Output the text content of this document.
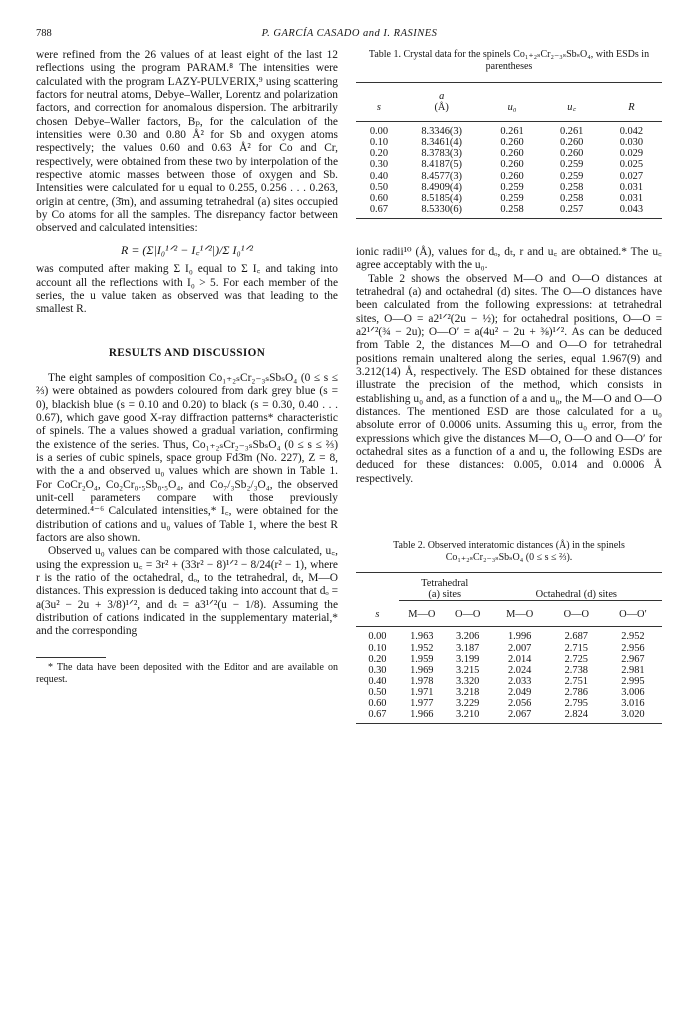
788	P. GARCÍA CASADO and I. RASINES

were refined from the 26 values of at least eight of the last 12 reflections using the program PARAM.⁸ The intensities were calculated with the program LAZY-PULVERIX,⁹ using scattering factors for neutral atoms, Debye–Waller, Lorentz and polarization factors, and correction for anomalous dispersion. The arbitrarily chosen Debye–Waller factors, Bₚ, for the calculation of the intensities were 0.30 and 0.80 Å² for Sb and oxygen atoms respectively; the values 0.60 and 0.63 Å² for Co and Cr, respectively, were obtained from these two by interpolation of the respective atomic masses between those of oxygen and Sb. Intensities were calculated for u equal to 0.255, 0.256 . . . 0.263, origin at centre, (3̄m), and assuming tetrahedral (a) sites occupied by Co atoms for all the samples. The disrepancy factor between observed and calculated intensities:

R = (Σ|I₀¹ᐟ² − I꜀¹ᐟ²|)/Σ I₀¹ᐟ²

was computed after making Σ I₀ equal to Σ I꜀ and taking into account all the reflections with I₀ > 5. For each member of the series, the u value taken as observed was that leading to the smallest R.

RESULTS AND DISCUSSION

The eight samples of composition Co₁₊₂ₛCr₂₋₃ₛSbₛO₄ (0 ≤ s ≤ ⅔) were obtained as powders coloured from dark grey blue (s = 0), blackish blue (s = 0.10 and 0.20) to black (s = 0.30, 0.40 . . . 0.67), which gave good X-ray diffraction patterns* characteristic of spinels. The a values showed a gradual variation, confirming the existence of the series. Thus, Co₁₊₂ₛCr₂₋₃ₛSbₛO₄ (0 ≤ s ≤ ⅔) is a series of cubic spinels, space group Fd3̄m (No. 227), Z = 8, with the a and observed u₀ values which are shown in Table 1. For CoCr₂O₄, Co₂Cr₀.₅Sb₀.₅O₄, and Co₇/₃Sb₂/₃O₄, the observed unit-cell parameters compare with those previously determined.⁴⁻⁶ Calculated intensities,* I꜀, were obtained for the distribution of cations and u₀ values of Table 1, where the best R factors are also shown.

Observed u₀ values can be compared with those calculated, u꜀, using the expression u꜀ = 3r² + (33r² − 8)¹ᐟ² − 8/24(r² − 1), where r is the ratio of the octahedral, dₒ, to the tetrahedral, dₜ, M—O distances. This expression is deduced taking into account that dₒ = a(3u² − 2u + 3/8)¹ᐟ², and dₜ = a3¹ᐟ²(u − 1/8). Assuming the distribution of cations indicated in the supplementary material,* and the corresponding

* The data have been deposited with the Editor and are available on request.

Table 1. Crystal data for the spinels Co₁₊₂ₛCr₂₋₃ₛSbₛO₄, with ESDs in parentheses
	a			
s	(Å)	u₀	u꜀	R

0.00	8.3346(3)	0.261	0.261	0.042
0.10	8.3461(4)	0.260	0.260	0.030
0.20	8.3783(3)	0.260	0.260	0.029
0.30	8.4187(5)	0.260	0.259	0.025
0.40	8.4577(3)	0.260	0.259	0.027
0.50	8.4909(4)	0.259	0.258	0.031
0.60	8.5185(4)	0.259	0.258	0.031
0.67	8.5330(6)	0.258	0.257	0.043

ionic radii¹⁰ (Å), values for dₒ, dₜ, r and u꜀ are obtained.* The u꜀ agree acceptably with the u₀.

Table 2 shows the observed M—O and O—O distances at tetrahedral (a) and octahedral (d) sites. The O—O distances have been calculated from the following expressions: at tetrahedral sites, O—O = a2¹ᐟ²(2u − ½); for octahedral positions, O—O = a2¹ᐟ²(¾ − 2u); O—O′ = a(4u² − 2u + ⅜)¹ᐟ². As can be deduced from Table 2, the distances M—O and O—O for tetrahedral positions remain unaltered along the series, equal 1.967(9) and 3.212(14) Å, respectively. The ESD obtained for these distances illustrate the precision of the method, which consists in establishing u₀ and, as a function of a and u₀, the M—O and O—O distances. The mentioned ESD are those calculated for a u₀ absolute error of 0.0006 units. Assuming this u₀ error, from the expressions which give the distances M—O, O—O and O—O′ for octahedral sites as a function of a and u, the following ESDs are deduced for these distances: 0.005, 0.014 and 0.0006 Å respectively.

Table 2. Observed interatomic distances (Å) in the spinels Co₁₊₂ₛCr₂₋₃ₛSbₛO₄ (0 ≤ s ≤ ⅔).

	Tetrahedral
(a) sites		Octahedral (d) sites		
s	M—O	O—O	M—O	O—O	O—O′

0.00	1.963	3.206	1.996	2.687	2.952
0.10	1.952	3.187	2.007	2.715	2.956
0.20	1.959	3.199	2.014	2.725	2.967
0.30	1.969	3.215	2.024	2.738	2.981
0.40	1.978	3.320	2.033	2.751	2.995
0.50	1.971	3.218	2.049	2.786	3.006
0.60	1.977	3.229	2.056	2.795	3.016
0.67	1.966	3.210	2.067	2.824	3.020
